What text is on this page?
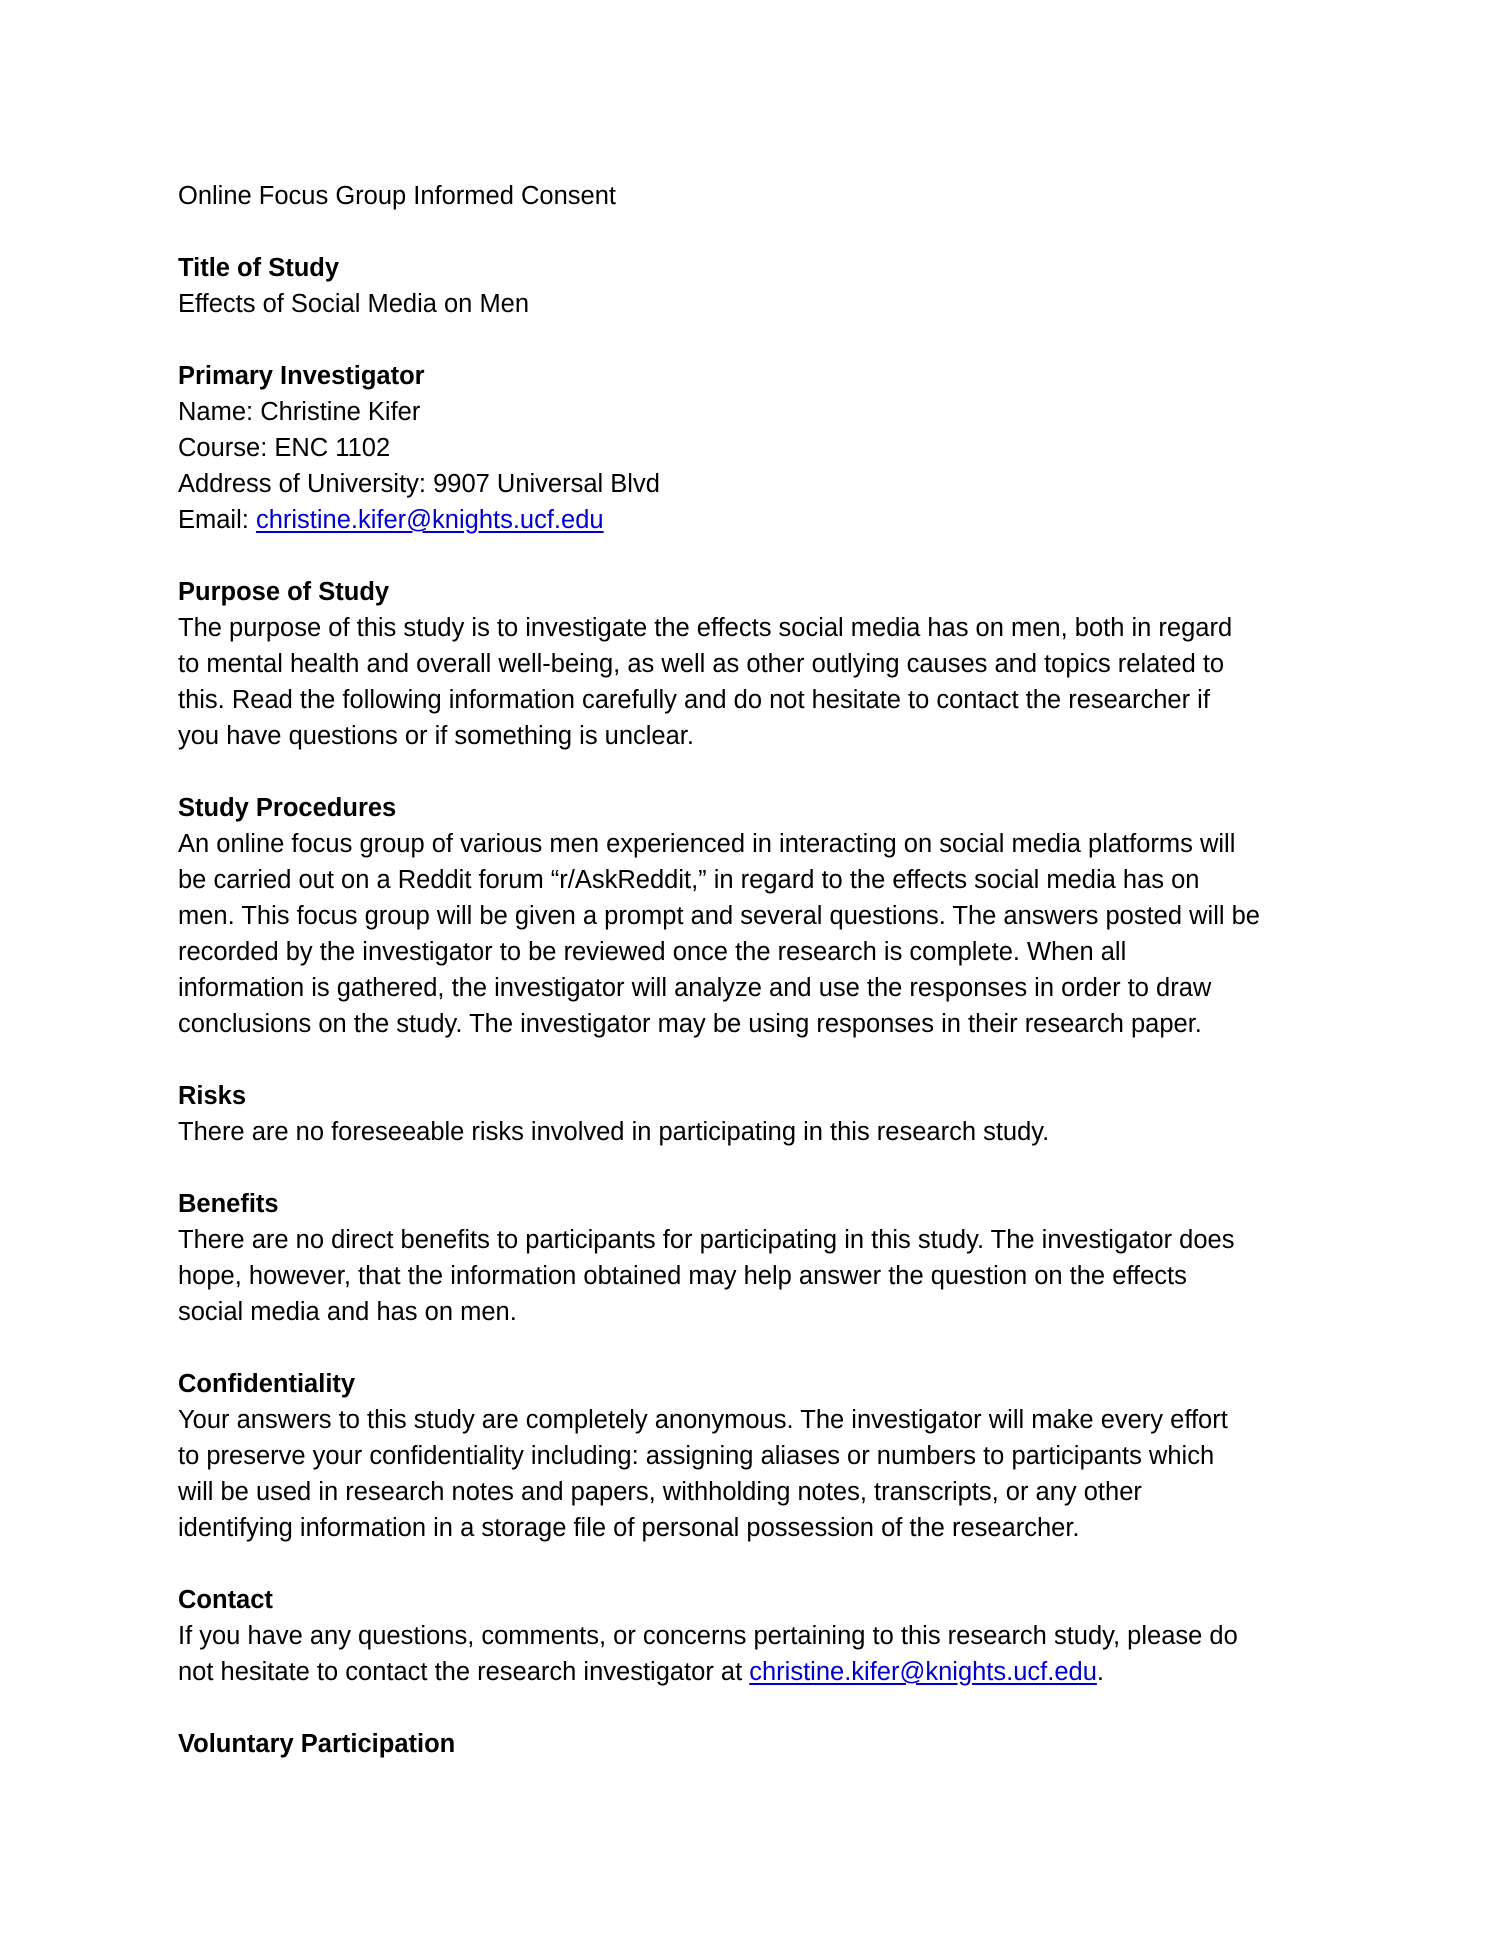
Online Focus Group Informed Consent
Title of Study
Effects of Social Media on Men
Primary Investigator
Name: Christine Kifer
Course: ENC 1102
Address of University: 9907 Universal Blvd
Email: christine.kifer@knights.ucf.edu
Purpose of Study
The purpose of this study is to investigate the effects social media has on men, both in regard
to mental health and overall well-being, as well as other outlying causes and topics related to
this. Read the following information carefully and do not hesitate to contact the researcher if
you have questions or if something is unclear.
Study Procedures
An online focus group of various men experienced in interacting on social media platforms will
be carried out on a Reddit forum “r/AskReddit,” in regard to the effects social media has on
men. This focus group will be given a prompt and several questions. The answers posted will be
recorded by the investigator to be reviewed once the research is complete. When all
information is gathered, the investigator will analyze and use the responses in order to draw
conclusions on the study. The investigator may be using responses in their research paper.
Risks
There are no foreseeable risks involved in participating in this research study.
Benefits
There are no direct benefits to participants for participating in this study. The investigator does
hope, however, that the information obtained may help answer the question on the effects
social media and has on men.
Confidentiality
Your answers to this study are completely anonymous. The investigator will make every effort
to preserve your confidentiality including: assigning aliases or numbers to participants which
will be used in research notes and papers, withholding notes, transcripts, or any other
identifying information in a storage file of personal possession of the researcher.
Contact
If you have any questions, comments, or concerns pertaining to this research study, please do
not hesitate to contact the research investigator at christine.kifer@knights.ucf.edu.
Voluntary Participation
